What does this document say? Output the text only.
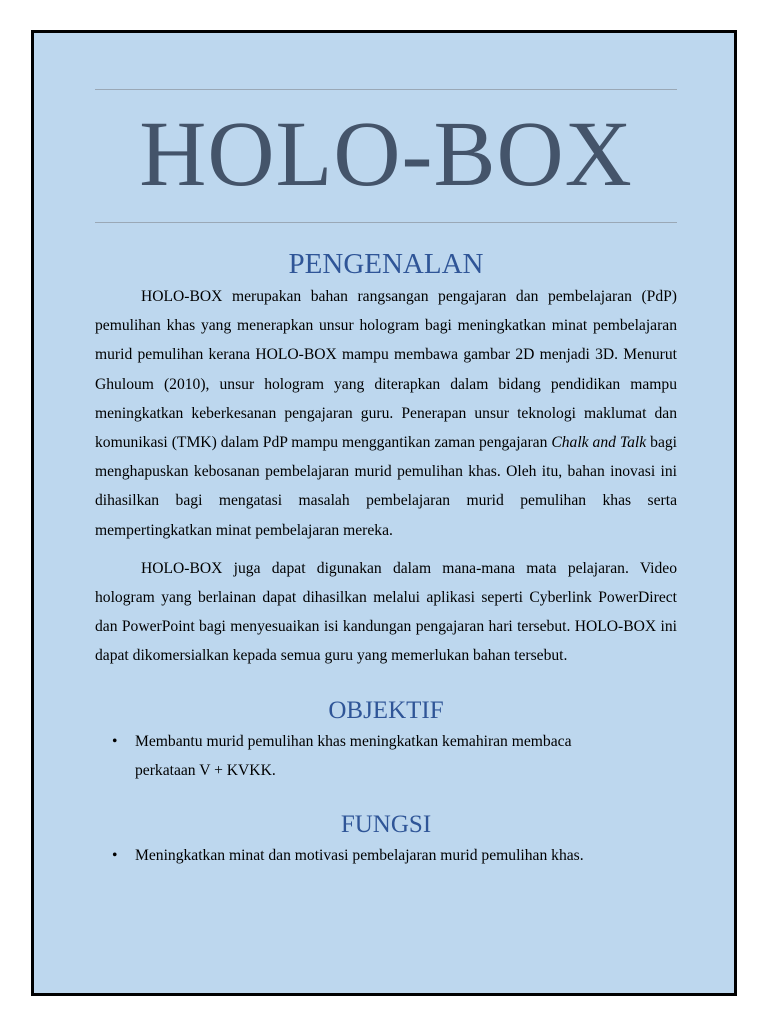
HOLO-BOX
PENGENALAN

HOLO-BOX merupakan bahan rangsangan pengajaran dan pembelajaran (PdP) pemulihan khas yang menerapkan unsur hologram bagi meningkatkan minat pembelajaran murid pemulihan kerana HOLO-BOX mampu membawa gambar 2D menjadi 3D. Menurut Ghuloum (2010), unsur hologram yang diterapkan dalam bidang pendidikan mampu meningkatkan keberkesanan pengajaran guru. Penerapan unsur teknologi maklumat dan komunikasi (TMK) dalam PdP mampu menggantikan zaman pengajaran Chalk and Talk bagi menghapuskan kebosanan pembelajaran murid pemulihan khas. Oleh itu, bahan inovasi ini dihasilkan bagi mengatasi masalah pembelajaran murid pemulihan khas serta mempertingkatkan minat pembelajaran mereka.

HOLO-BOX juga dapat digunakan dalam mana-mana mata pelajaran. Video hologram yang berlainan dapat dihasilkan melalui aplikasi seperti Cyberlink PowerDirect dan PowerPoint bagi menyesuaikan isi kandungan pengajaran hari tersebut. HOLO-BOX ini dapat dikomersialkan kepada semua guru yang memerlukan bahan tersebut.

OBJEKTIF
• Membantu murid pemulihan khas meningkatkan kemahiran membaca perkataan V + KVKK.
FUNGSI
• Meningkatkan minat dan motivasi pembelajaran murid pemulihan khas.
